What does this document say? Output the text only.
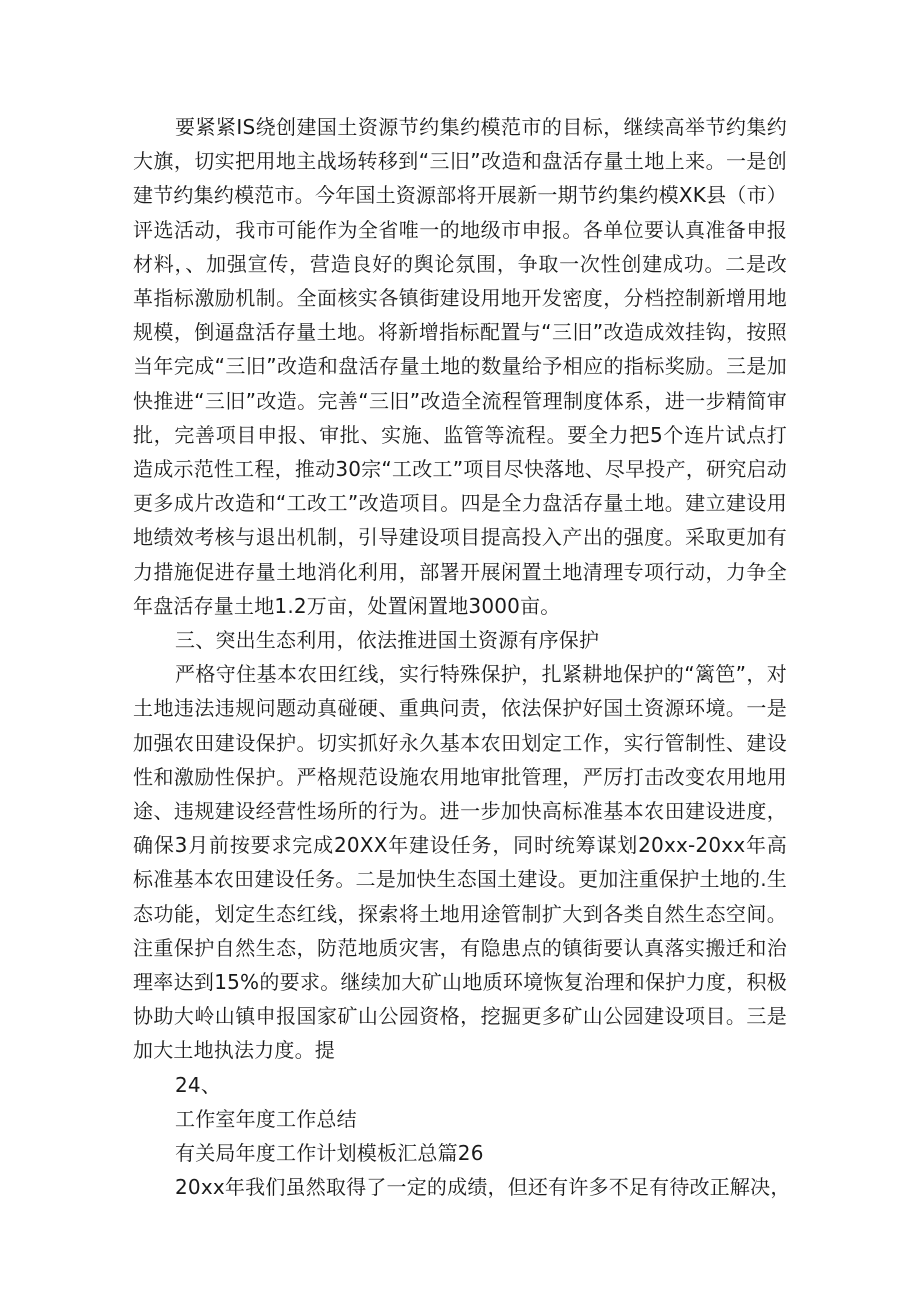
要紧紧IS绕创建国土资源节约集约模范市的目标，继续高举节约集约大旗，切实把用地主战场转移到“三旧”改造和盘活存量土地上来。一是创建节约集约模范市。今年国土资源部将开展新一期节约集约模XK县（市）评选活动，我市可能作为全省唯一的地级市申报。各单位要认真准备申报材料，、加强宣传，营造良好的舆论氛围，争取一次性创建成功。二是改革指标激励机制。全面核实各镇街建设用地开发密度，分档控制新增用地规模，倒逼盘活存量土地。将新增指标配置与“三旧”改造成效挂钩，按照当年完成“三旧”改造和盘活存量土地的数量给予相应的指标奖励。三是加快推进“三旧”改造。完善“三旧”改造全流程管理制度体系，进一步精简审批，完善项目申报、审批、实施、监管等流程。要全力把5个连片试点打造成示范性工程，推动30宗“工改工”项目尽快落地、尽早投产，研究启动更多成片改造和“工改工”改造项目。四是全力盘活存量土地。建立建设用地绩效考核与退出机制，引导建设项目提高投入产出的强度。采取更加有力措施促进存量土地消化利用，部署开展闲置土地清理专项行动，力争全年盘活存量土地1.2万亩，处置闲置地3000亩。

三、突出生态利用，依法推进国土资源有序保护

严格守住基本农田红线，实行特殊保护，扎紧耕地保护的“篱笆”，对土地违法违规问题动真碰硬、重典问责，依法保护好国土资源环境。一是加强农田建设保护。切实抓好永久基本农田划定工作，实行管制性、建设性和激励性保护。严格规范设施农用地审批管理，严厉打击改变农用地用途、违规建设经营性场所的行为。进一步加快高标准基本农田建设进度，确保3月前按要求完成20XX年建设任务，同时统筹谋划20xx-20xx年高标准基本农田建设任务。二是加快生态国土建设。更加注重保护土地的.生态功能，划定生态红线，探索将土地用途管制扩大到各类自然生态空间。注重保护自然生态，防范地质灾害，有隐患点的镇街要认真落实搬迁和治理率达到15%的要求。继续加大矿山地质环境恢复治理和保护力度，积极协助大岭山镇申报国家矿山公园资格，挖掘更多矿山公园建设项目。三是加大土地执法力度。提

24、

工作室年度工作总结

有关局年度工作计划模板汇总篇26

20xx年我们虽然取得了一定的成绩，但还有许多不足有待改正解决，
